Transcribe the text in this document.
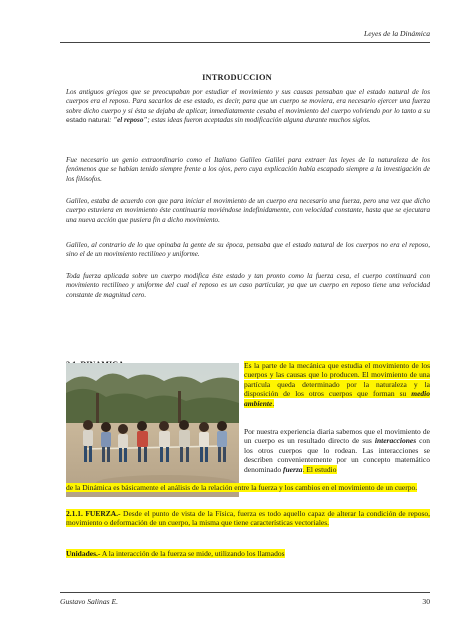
Leyes de la Dinámica
INTRODUCCION
Los antiguos griegos que se preocupaban por estudiar el movimiento y sus causas pensaban que el estado natural de los cuerpos era el reposo. Para sacarlos de ese estado, es decir, para que un cuerpo se moviera, era necesario ejercer una fuerza sobre dicho cuerpo y si ésta se dejaba de aplicar, inmediatamente cesaba el movimiento del cuerpo volviendo por lo tanto a su estado natural: "el reposo"; estas ideas fueron aceptadas sin modificación alguna durante muchos siglos.
Fue necesario un genio extraordinario como el Italiano Galileo Galilei para extraer las leyes de la naturaleza de los fenómenos que se habían tenido siempre frente a los ojos, pero cuya explicación había escapado siempre a la investigación de los filósofos.
Galileo, estaba de acuerdo con que para iniciar el movimiento de un cuerpo era necesario una fuerza, pero una vez que dicho cuerpo estuviera en movimiento éste continuaría moviéndose indefinidamente, con velocidad constante, hasta que se ejecutara una nueva acción que pusiera fin a dicho movimiento.
Galileo, al contrario de lo que opinaba la gente de su época, pensaba que el estado natural de los cuerpos no era el reposo, sino el de un movimiento rectilíneo y uniforme.
Toda fuerza aplicada sobre un cuerpo modifica éste estado y tan pronto como la fuerza cesa, el cuerpo continuará con movimiento rectilíneo y uniforme del cual el reposo es un caso particular, ya que un cuerpo en reposo tiene una velocidad constante de magnitud cero.
Es la parte de la mecánica que estudia el movimiento de los cuerpos y las causas que lo producen. El movimiento de una partícula queda determinado por la naturaleza y la disposición de los otros cuerpos que forman su medio ambiente.
Por nuestra experiencia diaria sabemos que el movimiento de un cuerpo es un resultado directo de sus interacciones con los otros cuerpos que lo rodean. Las interacciones se describen convenientemente por un concepto matemático denominado fuerza. El estudio
de la Dinámica es básicamente el análisis de la relación entre la fuerza y los cambios en el movimiento de un cuerpo.
2.1.1. FUERZA.- Desde el punto de vista de la Física, fuerza es todo aquello capaz de alterar la condición de reposo, movimiento o deformación de un cuerpo, la misma que tiene características vectoriales.
Unidades.- A la interacción de la fuerza se mide, utilizando los llamados
Gustavo Salinas E.	30
